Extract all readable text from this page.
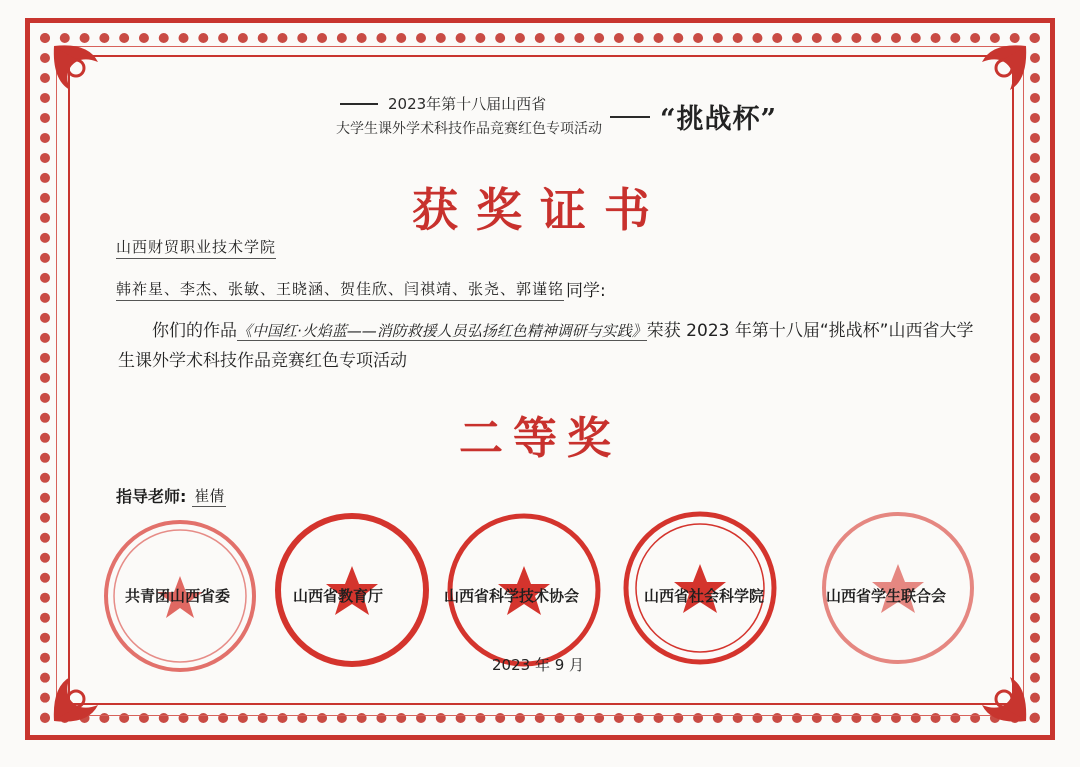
2023年第十八届山西省
大学生课外学术科技作品竞赛红色专项活动 “挑战杯”
获奖证书
山西财贸职业技术学院
韩祚星、李杰、张敏、王晓涵、贺佳欣、闫祺靖、张尧、郭谨铭 同学:
你们的作品《中国红·火焰蓝——消防救援人员弘扬红色精神调研与实践》荣获 2023 年第十八届“挑战杯”山西省大学生课外学术科技作品竞赛红色专项活动
二等奖
指导老师: 崔倩
共青团山西省委	山西省教育厅	山西省科学技术协会	山西省社会科学院	山西省学生联合会
2023 年 9 月
